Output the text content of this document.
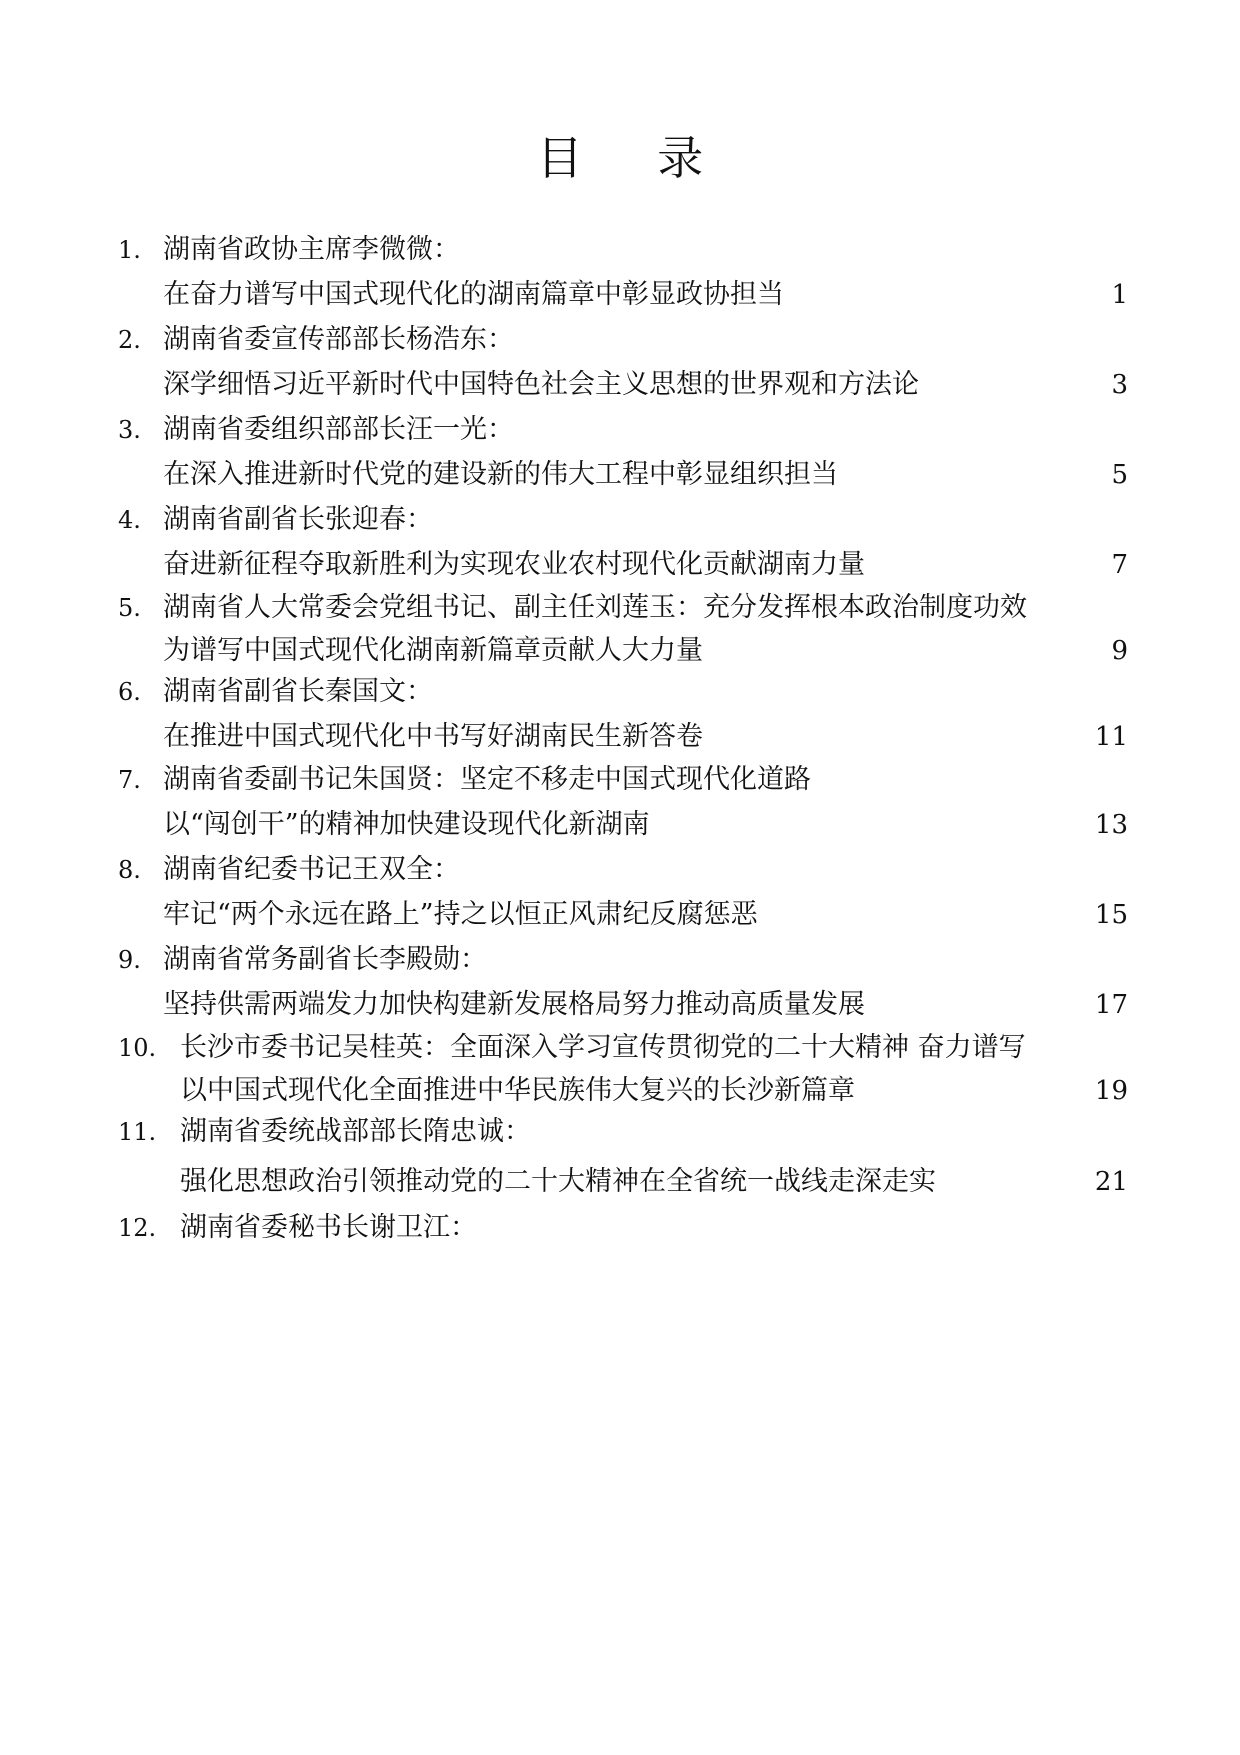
目 录
1. 湖南省政协主席李微微：
在奋力谱写中国式现代化的湖南篇章中彰显政协担当	1
2. 湖南省委宣传部部长杨浩东：
深学细悟习近平新时代中国特色社会主义思想的世界观和方法论	3
3. 湖南省委组织部部长汪一光：
在深入推进新时代党的建设新的伟大工程中彰显组织担当	5
4. 湖南省副省长张迎春：
奋进新征程夺取新胜利为实现农业农村现代化贡献湖南力量	7
5. 湖南省人大常委会党组书记、副主任刘莲玉：充分发挥根本政治制度功效
为谱写中国式现代化湖南新篇章贡献人大力量	9
6. 湖南省副省长秦国文：
在推进中国式现代化中书写好湖南民生新答卷	11
7. 湖南省委副书记朱国贤：坚定不移走中国式现代化道路
以“闯创干”的精神加快建设现代化新湖南	13
8. 湖南省纪委书记王双全：
牢记“两个永远在路上”持之以恒正风肃纪反腐惩恶	15
9. 湖南省常务副省长李殿勋：
坚持供需两端发力加快构建新发展格局努力推动高质量发展	17
10. 长沙市委书记吴桂英：全面深入学习宣传贯彻党的二十大精神 奋力谱写
以中国式现代化全面推进中华民族伟大复兴的长沙新篇章	19
11. 湖南省委统战部部长隋忠诚：
强化思想政治引领推动党的二十大精神在全省统一战线走深走实	21
12. 湖南省委秘书长谢卫江：
